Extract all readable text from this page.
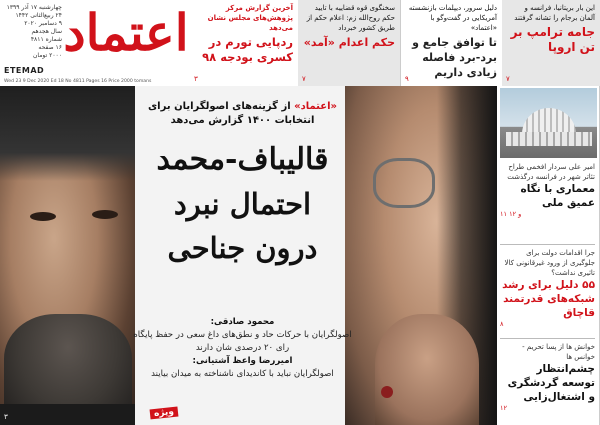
اعتماد
چهارشنبه ۱۷ آذر ۱۳۹۹
۲۴ ربیع‌الثانی ۱۴۴۲
۹ دسامبر ۲۰۲۰
سال هجدهم
شماره ۴۸۱۱
۱۶ صفحه
۲۰۰۰ تومان
ETEMAD
Wed 23 9 Dec 2020 Ed 18 No 4811 Pages 16 Price 2000 tomans
آخرین گزارش مرکز پژوهش‌های مجلس نشان می‌دهد
ردپایی تورم در کسری بودجه ۹۸
۳
سخنگوی قوه قضاییه با تایید حکم روح‌الله زم: اعلام حکم از طریق کشور خبرداد
حکم اعدام «آمد»
۷
دلیل سرور، دیپلمات بازنشسته آمریکایی در گفت‌وگو با «اعتماد»
تا توافق جامع و برد-برد فاصله زیادی داریم
۹
این بار بریتانیا، فرانسه و آلمان برجام را تشانه گرفتند
جامه ترامپ بر تن اروپا
۷
«اعتماد» از گزینه‌های اصولگرایان برای انتخابات ۱۴۰۰ گزارش می‌دهد
قالیباف-محمد
احتمال نبرد
درون جناحی
محمود صادقی:
اصولگرایان با حرکات حاد و نطق‌های داغ سعی در حفظ پایگاه رای ۲۰ درصدی شان دارند
امیررضا واعظ آشتیانی:
اصولگرایان نباید با کاندیدای ناشناخته به میدان بیایند
ویژه
۳
امیر علی سردار افخمی طراح تئاتر شهر در فرانسه درگذشت
معماری با نگاه عمیق ملی
۱۱ و ۱۲
جرا اقدامات دولت برای جلوگیری از ورود غیرقانونی کالا تاثیری نداشت؟
۵۵ دلیل برای رشد شبکه‌های قدرتمند قاچاق
۸
خوانش ها از پسا تحریم - خوانس ها
چشم‌انتظار توسعه گردشگری و اشتغال‌زایی
۱۲
